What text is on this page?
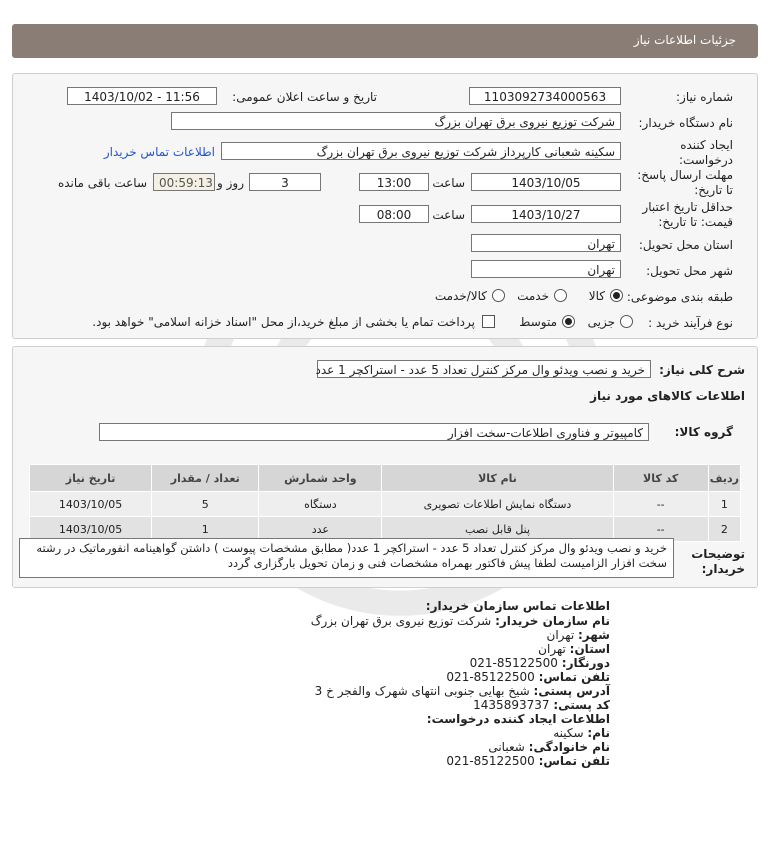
جزئیات اطلاعات نیاز
شماره نیاز:
1103092734000563
تاریخ و ساعت اعلان عمومی:
1403/10/02 - 11:56
نام دستگاه خریدار:
شرکت توزیع نیروی برق تهران بزرگ
ایجاد کننده
درخواست:
سکینه شعبانی کارپرداز شرکت توزیع نیروی برق تهران بزرگ
اطلاعات تماس خریدار
مهلت ارسال پاسخ:
تا تاریخ:
1403/10/05
ساعت
13:00
3
روز و
00:59:13
ساعت باقی مانده
حداقل تاریخ اعتبار
قیمت: تا تاریخ:
1403/10/27
ساعت
08:00
استان محل تحویل:
تهران
شهر محل تحویل:
تهران
طبقه بندی موضوعی:
کالا
خدمت
کالا/خدمت
نوع فرآیند خرید :
جزیی
متوسط
پرداخت تمام یا بخشی از مبلغ خرید،از محل "اسناد خزانه اسلامی" خواهد بود.
شرح کلی نیاز:
خرید و نصب ویدئو وال مرکز کنترل تعداد 5 عدد - استراکچر 1 عدد
اطلاعات کالاهای مورد نیاز
گروه کالا:
کامپیوتر و فناوری اطلاعات-سخت افزار
ردیف	کد کالا	نام کالا	واحد شمارش	تعداد / مقدار	تاریخ نیاز
1	--	دستگاه نمایش اطلاعات تصویری	دستگاه	5	1403/10/05
2	--	پنل قابل نصب	عدد	1	1403/10/05
توضیحات
خریدار:
خرید و نصب ویدئو وال مرکز کنترل تعداد 5 عدد - استراکچر 1 عدد( مطابق مشخصات پیوست ) داشتن گواهینامه انفورماتیک در رشته سخت افزار الزامیست لطفا پیش فاکتور بهمراه مشخصات فنی و زمان تحویل بارگزاری گردد
اطلاعات تماس سازمان خریدار:
نام سازمان خریدار: شرکت توزیع نیروی برق تهران بزرگ
شهر: تهران
استان: تهران
دورنگار: 021-85122500
تلفن تماس: 021-85122500
آدرس پستی: شیخ بهایی جنوبی انتهای شهرک والفجر خ 3
کد پستی: 1435893737
اطلاعات ایجاد کننده درخواست:
نام: سکینه
نام خانوادگی: شعبانی
تلفن تماس: 021-85122500
